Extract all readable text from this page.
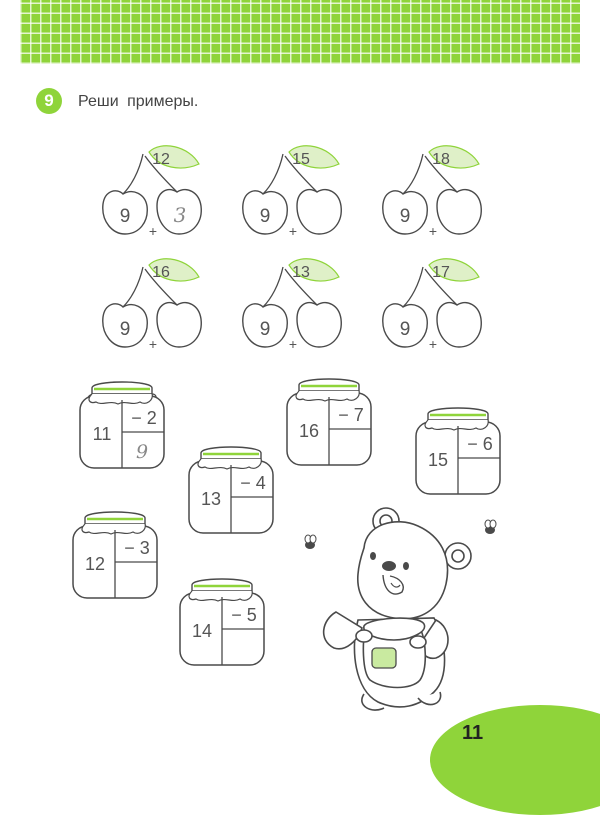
9	Реши примеры.
12
9 3
+
15
9
+
18
9
+
16
9
+
13
9
+
17
9
+
11
− 2
9
16
− 7
15
− 6
13
− 4
12
− 3
14
− 5
11
